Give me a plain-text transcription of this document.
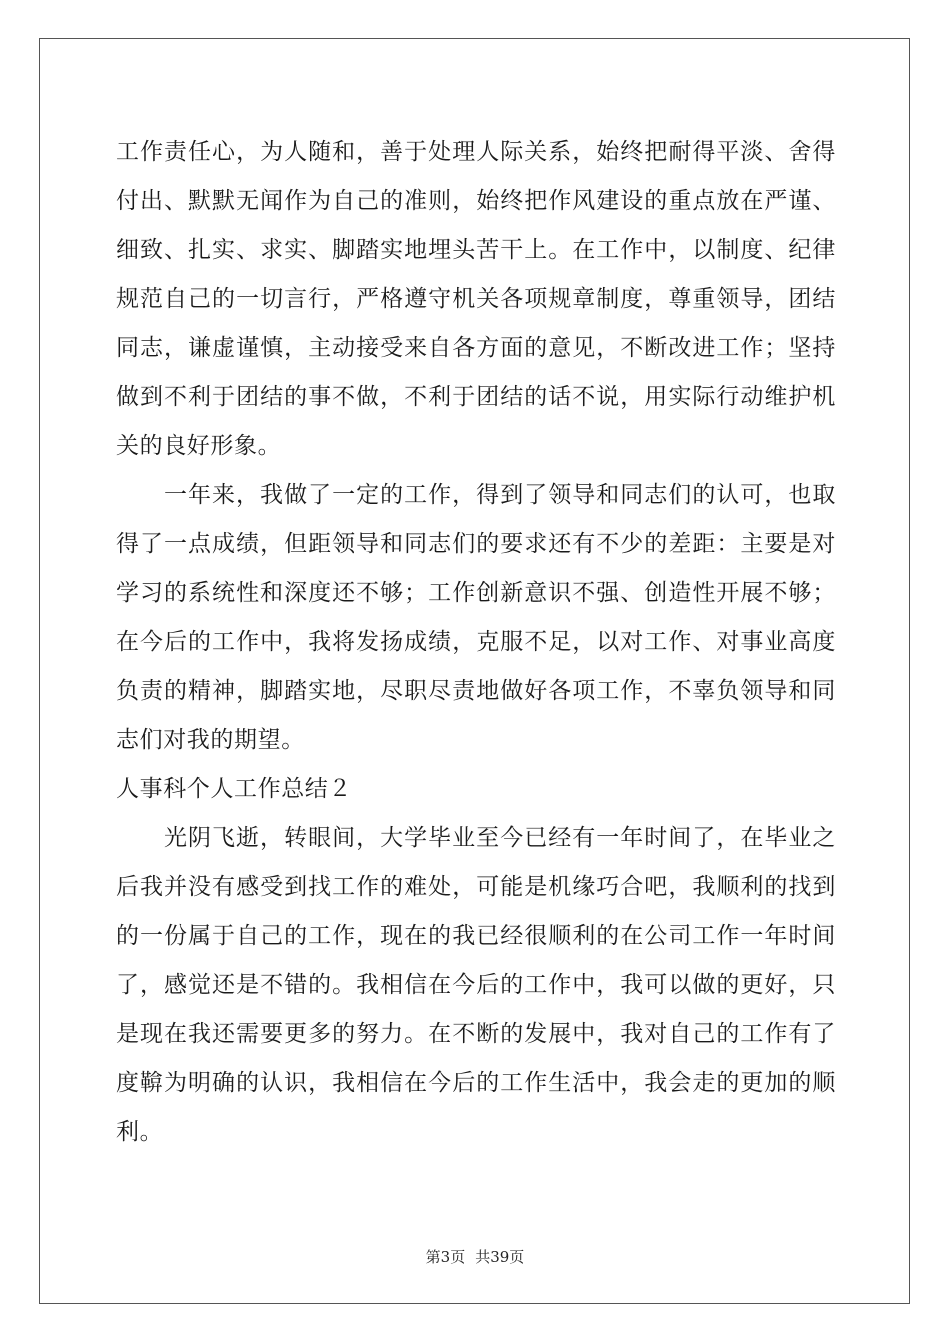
工作责任心，为人随和，善于处理人际关系，始终把耐得平淡、舍得付出、默默无闻作为自己的准则，始终把作风建设的重点放在严谨、细致、扎实、求实、脚踏实地埋头苦干上。在工作中，以制度、纪律规范自己的一切言行，严格遵守机关各项规章制度，尊重领导，团结同志，谦虚谨慎，主动接受来自各方面的意见，不断改进工作；坚持做到不利于团结的事不做，不利于团结的话不说，用实际行动维护机关的良好形象。

一年来，我做了一定的工作，得到了领导和同志们的认可，也取得了一点成绩，但距领导和同志们的要求还有不少的差距：主要是对学习的系统性和深度还不够；工作创新意识不强、创造性开展不够；在今后的工作中，我将发扬成绩，克服不足，以对工作、对事业高度负责的精神，脚踏实地，尽职尽责地做好各项工作，不辜负领导和同志们对我的期望。

人事科个人工作总结２

光阴飞逝，转眼间，大学毕业至今已经有一年时间了，在毕业之后我并没有感受到找工作的难处，可能是机缘巧合吧，我顺利的找到的一份属于自己的工作，现在的我已经很顺利的在公司工作一年时间了，感觉还是不错的。我相信在今后的工作中，我可以做的更好，只是现在我还需要更多的努力。在不断的发展中，我对自己的工作有了度鞥为明确的认识，我相信在今后的工作生活中，我会走的更加的顺利。

第3页 共39页
